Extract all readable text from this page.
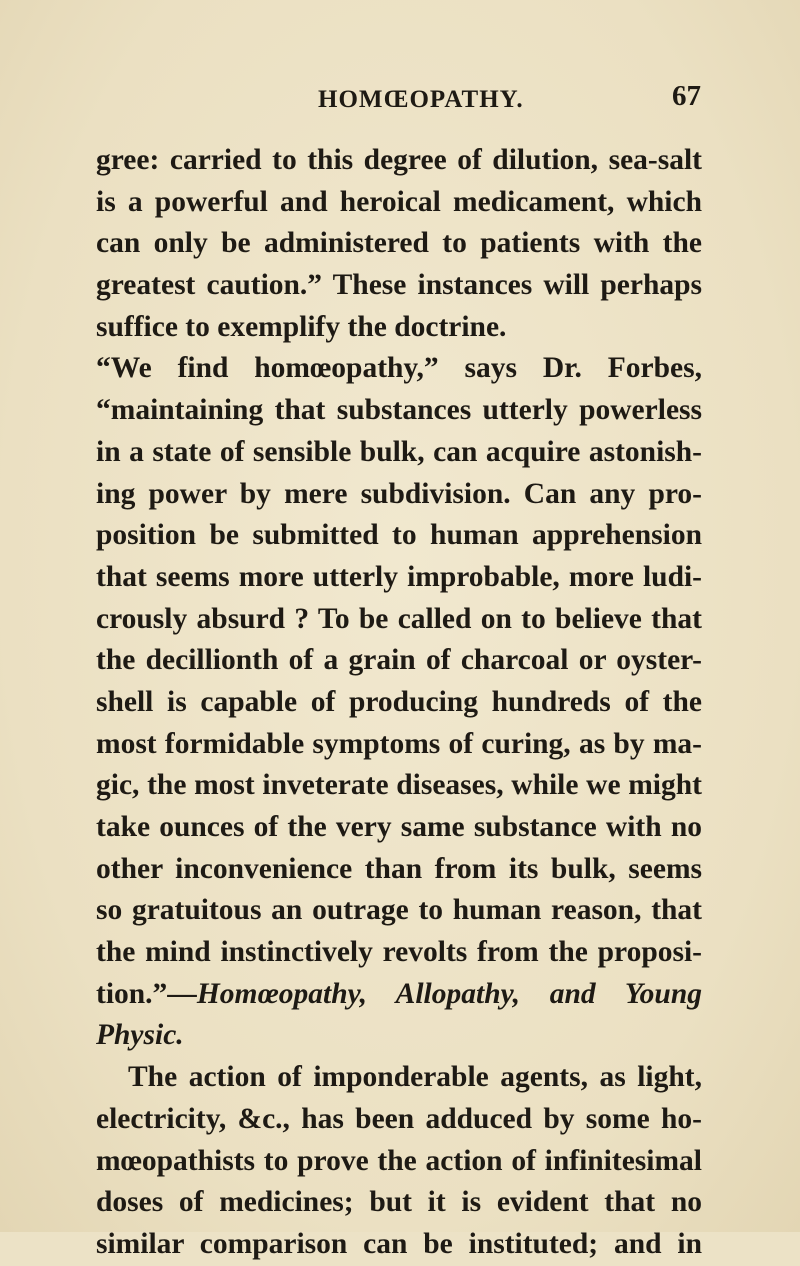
HOMŒOPATHY.	67
gree: carried to this degree of dilution, sea-salt
is a powerful and heroical medicament, which
can only be administered to patients with the
greatest caution.” These instances will perhaps
suffice to exemplify the doctrine.
“We find homœopathy,” says Dr. Forbes,
“maintaining that substances utterly powerless
in a state of sensible bulk, can acquire astonish-
ing power by mere subdivision. Can any pro-
position be submitted to human apprehension
that seems more utterly improbable, more ludi-
crously absurd ? To be called on to believe that
the decillionth of a grain of charcoal or oyster-
shell is capable of producing hundreds of the
most formidable symptoms of curing, as by ma-
gic, the most inveterate diseases, while we might
take ounces of the very same substance with no
other inconvenience than from its bulk, seems
so gratuitous an outrage to human reason, that
the mind instinctively revolts from the proposi-
tion.”—Homœopathy, Allopathy, and Young
Physic.
The action of imponderable agents, as light,
electricity, &c., has been adduced by some ho-
mœopathists to prove the action of infinitesimal
doses of medicines; but it is evident that no
similar comparison can be instituted; and in
